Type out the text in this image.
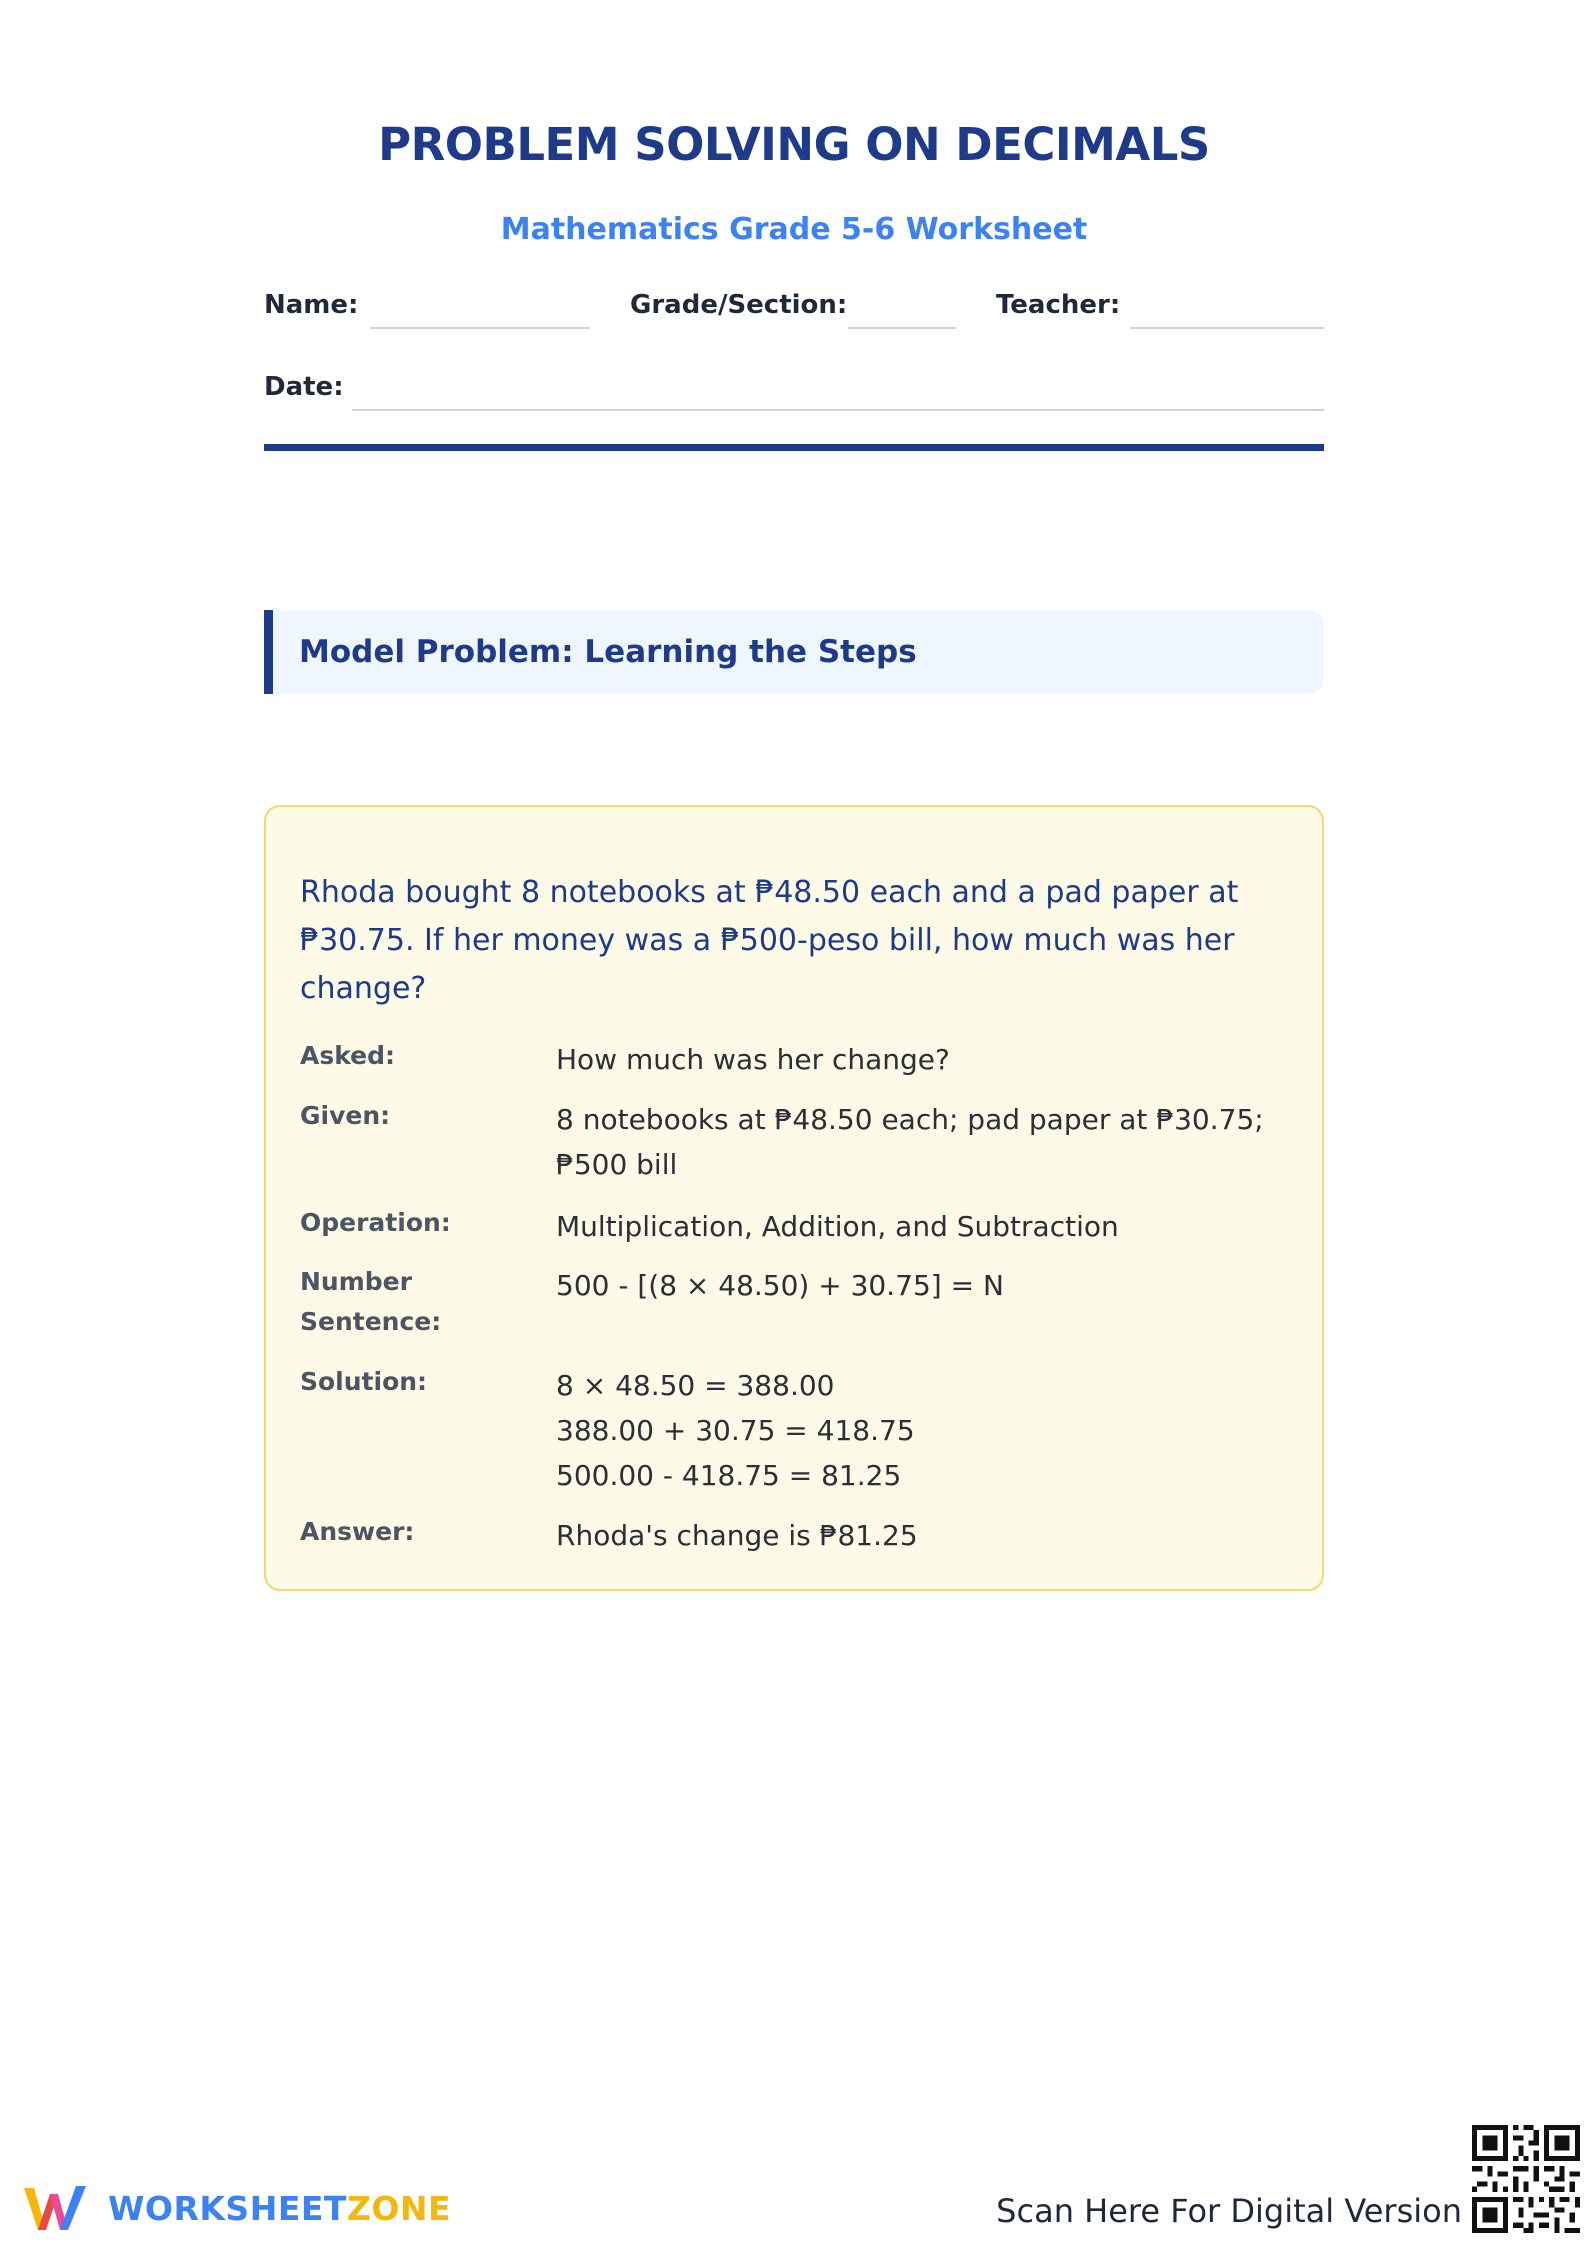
PROBLEM SOLVING ON DECIMALS
Mathematics Grade 5-6 Worksheet
Name:	Grade/Section:	Teacher:
Date:
Model Problem: Learning the Steps
Rhoda bought 8 notebooks at ₱48.50 each and a pad paper at ₱30.75. If her money was a ₱500-peso bill, how much was her change?
Asked:	How much was her change?
Given:	8 notebooks at ₱48.50 each; pad paper at ₱30.75; ₱500 bill
Operation:	Multiplication, Addition, and Subtraction
Number
Sentence:
500 - [(8 × 48.50) + 30.75] = N
Solution:	8 × 48.50 = 388.00
388.00 + 30.75 = 418.75
500.00 - 418.75 = 81.25
Answer:	Rhoda's change is ₱81.25
WORKSHEETZONE	Scan Here For Digital Version
